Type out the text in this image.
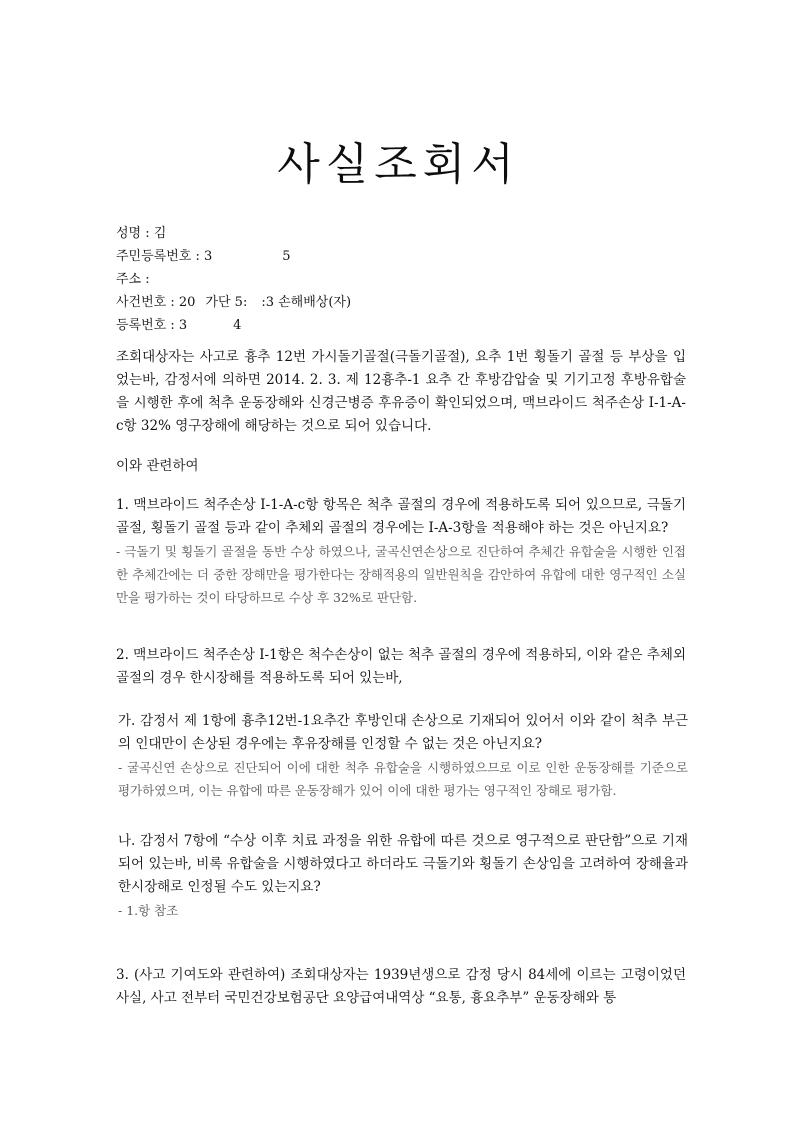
사실조회서
성명 : 김
주민등록번호 : 3	5
주소 :
사건번호 : 20 가단 5: :3 손해배상(자)
등록번호 : 3	4
조회대상자는 사고로 흉추 12번 가시돌기골절(극돌기골절), 요추 1번 횡돌기 골절 등 부상을 입었는바, 감정서에 의하면 2014. 2. 3. 제 12흉추-1 요추 간 후방감압술 및 기기고정 후방유합술을 시행한 후에 척추 운동장해와 신경근병증 후유증이 확인되었으며, 맥브라이드 척주손상 I-1-A-c항 32% 영구장해에 해당하는 것으로 되어 있습니다.
이와 관련하여
1. 맥브라이드 척주손상 I-1-A-c항 항목은 척추 골절의 경우에 적용하도록 되어 있으므로, 극돌기골절, 횡돌기 골절 등과 같이 추체외 골절의 경우에는 I-A-3항을 적용해야 하는 것은 아닌지요?
- 극돌기 및 횡돌기 골절을 동반 수상 하였으나, 굴곡신연손상으로 진단하여 추체간 유합술을 시행한 인접한 추체간에는 더 중한 장해만을 평가한다는 장해적용의 일반원칙을 감안하여 유합에 대한 영구적인 소실만을 평가하는 것이 타당하므로 수상 후 32%로 판단함.
2. 맥브라이드 척주손상 I-1항은 척수손상이 없는 척추 골절의 경우에 적용하되, 이와 같은 추체외 골절의 경우 한시장해를 적용하도록 되어 있는바,
가. 감정서 제 1항에 흉추12번-1요추간 후방인대 손상으로 기재되어 있어서 이와 같이 척추 부근의 인대만이 손상된 경우에는 후유장해를 인정할 수 없는 것은 아닌지요?
- 굴곡신연 손상으로 진단되어 이에 대한 척추 유합술을 시행하였으므로 이로 인한 운동장해를 기준으로 평가하였으며, 이는 유합에 따른 운동장해가 있어 이에 대한 평가는 영구적인 장해로 평가함.
나. 감정서 7항에 “수상 이후 치료 과정을 위한 유합에 따른 것으로 영구적으로 판단함”으로 기재되어 있는바, 비록 유합술을 시행하였다고 하더라도 극돌기와 횡돌기 손상임을 고려하여 장해율과 한시장해로 인정될 수도 있는지요?
- 1.항 참조
3. (사고 기여도와 관련하여) 조회대상자는 1939년생으로 감정 당시 84세에 이르는 고령이었던 사실, 사고 전부터 국민건강보험공단 요양급여내역상 “요통, 흉요추부” 운동장해와 통
